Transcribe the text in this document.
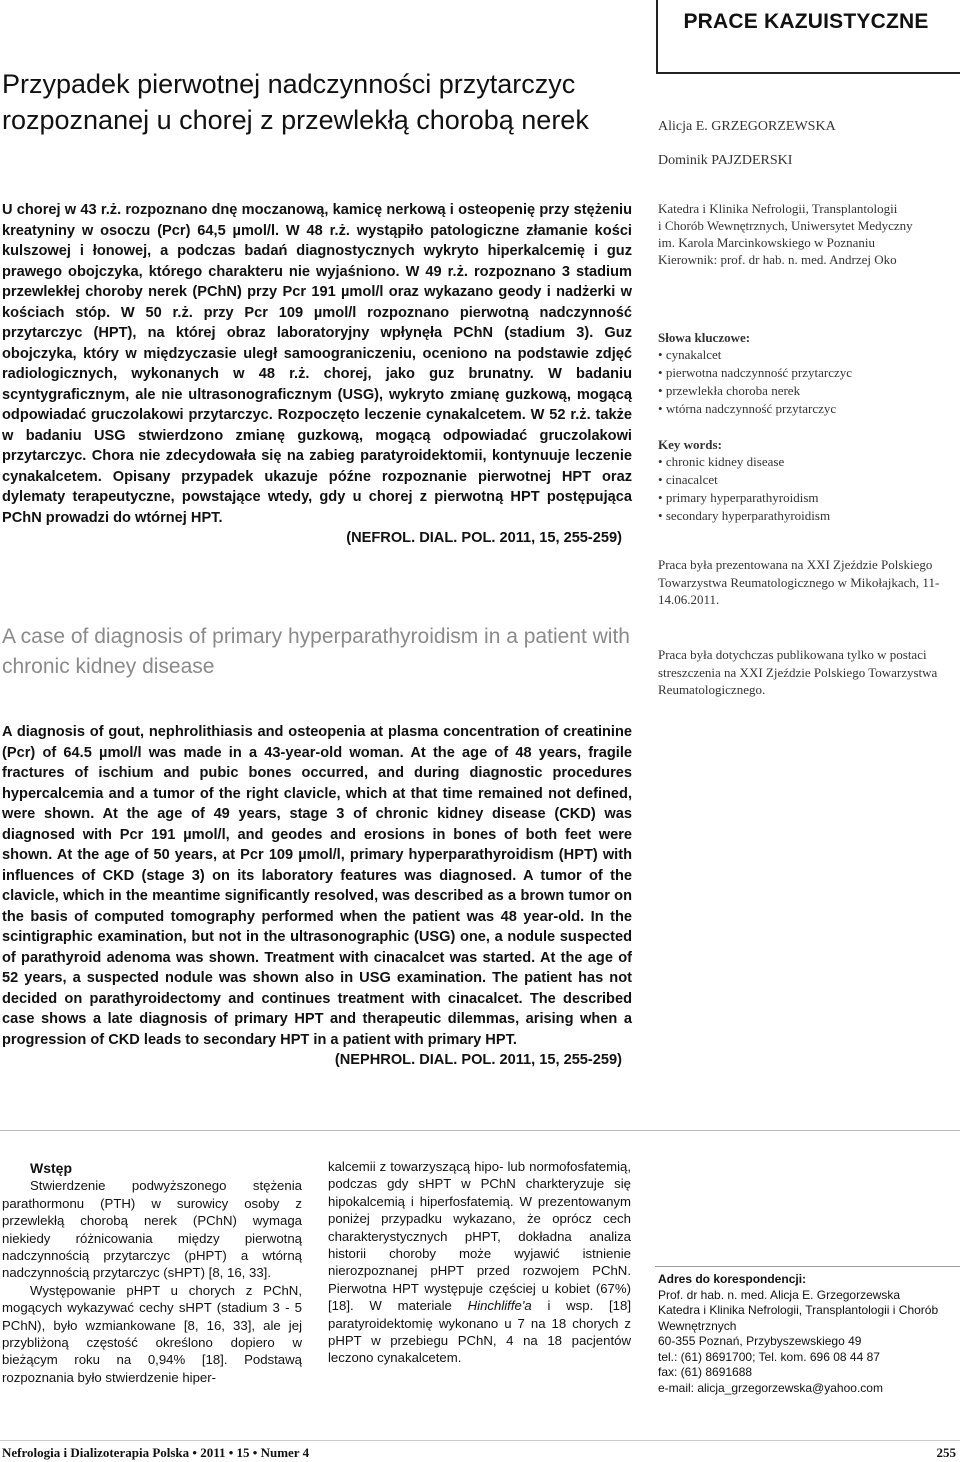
PRACE KAZUISTYCZNE
Przypadek pierwotnej nadczynności przytarczyc rozpoznanej u chorej z przewlekłą chorobą nerek	Alicja E. GRZEGORZEWSKA
Dominik PAJZDERSKI
U chorej w 43 r.ż. rozpoznano dnę moczanową, kamicę nerkową i osteopenię przy stężeniu kreatyniny w osoczu (Pcr) 64,5 µmol/l. W 48 r.ż. wystąpiło patologiczne złamanie kości kulszowej i łonowej, a podczas badań diagnostycznych wykryto hiperkalcemię i guz prawego obojczyka, którego charakteru nie wyjaśniono. W 49 r.ż. rozpoznano 3 stadium przewlekłej choroby nerek (PChN) przy Pcr 191 µmol/l oraz wykazano geody i nadżerki w kościach stóp. W 50 r.ż. przy Pcr 109 µmol/l rozpoznano pierwotną nadczynność przytarczyc (HPT), na której obraz laboratoryjny wpłynęła PChN (stadium 3). Guz obojczyka, który w międzyczasie uległ samoograniczeniu, oceniono na podstawie zdjęć radiologicznych, wykonanych w 48 r.ż. chorej, jako guz brunatny. W badaniu scyntygraficznym, ale nie ultrasonograficznym (USG), wykryto zmianę guzkową, mogącą odpowiadać gruczolakowi przytarczyc. Rozpoczęto leczenie cynakalcetem. W 52 r.ż. także w badaniu USG stwierdzono zmianę guzkową, mogącą odpowiadać gruczolakowi przytarczyc. Chora nie zdecydowała się na zabieg paratyroidektomii, kontynuuje leczenie cynakalcetem. Opisany przypadek ukazuje późne rozpoznanie pierwotnej HPT oraz dylematy terapeutyczne, powstające wtedy, gdy u chorej z pierwotną HPT postępująca PChN prowadzi do wtórnej HPT.
(NEFROL. DIAL. POL. 2011, 15, 255-259)
Katedra i Klinika Nefrologii, Transplantologii
i Chorób Wewnętrznych, Uniwersytet Medyczny
im. Karola Marcinkowskiego w Poznaniu
Kierownik: prof. dr hab. n. med. Andrzej Oko
Słowa kluczowe:
• cynakalcet
• pierwotna nadczynność przytarczyc
• przewlekła choroba nerek
• wtórna nadczynność przytarczyc
Key words:
• chronic kidney disease
• cinacalcet
• primary hyperparathyroidism
• secondary hyperparathyroidism
Praca była prezentowana na XXI Zjeździe Polskiego Towarzystwa Reumatologicznego w Mikołajkach, 11-14.06.2011.
Praca była dotychczas publikowana tylko w postaci streszczenia na XXI Zjeździe Polskiego Towarzystwa Reumatologicznego.
A case of diagnosis of primary hyperparathyroidism in a patient with chronic kidney disease
A diagnosis of gout, nephrolithiasis and osteopenia at plasma concentration of creatinine (Pcr) of 64.5 µmol/l was made in a 43-year-old woman. At the age of 48 years, fragile fractures of ischium and pubic bones occurred, and during diagnostic procedures hypercalcemia and a tumor of the right clavicle, which at that time remained not defined, were shown. At the age of 49 years, stage 3 of chronic kidney disease (CKD) was diagnosed with Pcr 191 µmol/l, and geodes and erosions in bones of both feet were shown. At the age of 50 years, at Pcr 109 µmol/l, primary hyperparathyroidism (HPT) with influences of CKD (stage 3) on its laboratory features was diagnosed. A tumor of the clavicle, which in the meantime significantly resolved, was described as a brown tumor on the basis of computed tomography performed when the patient was 48 year-old. In the scintigraphic examination, but not in the ultrasonographic (USG) one, a nodule suspected of parathyroid adenoma was shown. Treatment with cinacalcet was started. At the age of 52 years, a suspected nodule was shown also in USG examination. The patient has not decided on parathyroidectomy and continues treatment with cinacalcet. The described case shows a late diagnosis of primary HPT and therapeutic dilemmas, arising when a progression of CKD leads to secondary HPT in a patient with primary HPT.
(NEPHROL. DIAL. POL. 2011, 15, 255-259)
Wstęp

Stwierdzenie podwyższonego stężenia parathormonu (PTH) w surowicy osoby z przewlekłą chorobą nerek (PChN) wymaga niekiedy różnicowania między pierwotną nadczynnością przytarczyc (pHPT) a wtórną nadczynnością przytarczyc (sHPT) [8, 16, 33].

Występowanie pHPT u chorych z PChN, mogących wykazywać cechy sHPT (stadium 3 - 5 PChN), było wzmiankowane [8, 16, 33], ale jej przybliżoną częstość określono dopiero w bieżącym roku na 0,94% [18]. Podstawą rozpoznania było stwierdzenie hiper-

kalcemii z towarzyszącą hipo- lub normofosfatemią, podczas gdy sHPT w PChN charkteryzuje się hipokalcemią i hiperfosfatemią. W prezentowanym poniżej przypadku wykazano, że oprócz cech charakterystycznych pHPT, dokładna analiza historii choroby może wyjawić istnienie nierozpoznanej pHPT przed rozwojem PChN. Pierwotna HPT występuje częściej u kobiet (67%) [18]. W materiale Hinchliffe'a i wsp. [18] paratyroidektomię wykonano u 7 na 18 chorych z pHPT w przebiegu PChN, 4 na 18 pacjentów leczono cynakalcetem.

Adres do korespondencji:
Prof. dr hab. n. med. Alicja E. Grzegorzewska
Katedra i Klinika Nefrologii, Transplantologii i Chorób Wewnętrznych
60-355 Poznań, Przybyszewskiego 49
tel.: (61) 8691700; Tel. kom. 696 08 44 87
fax: (61) 8691688
e-mail: alicja_grzegorzewska@yahoo.com
Nefrologia i Dializoterapia Polska • 2011 • 15 • Numer 4	255
